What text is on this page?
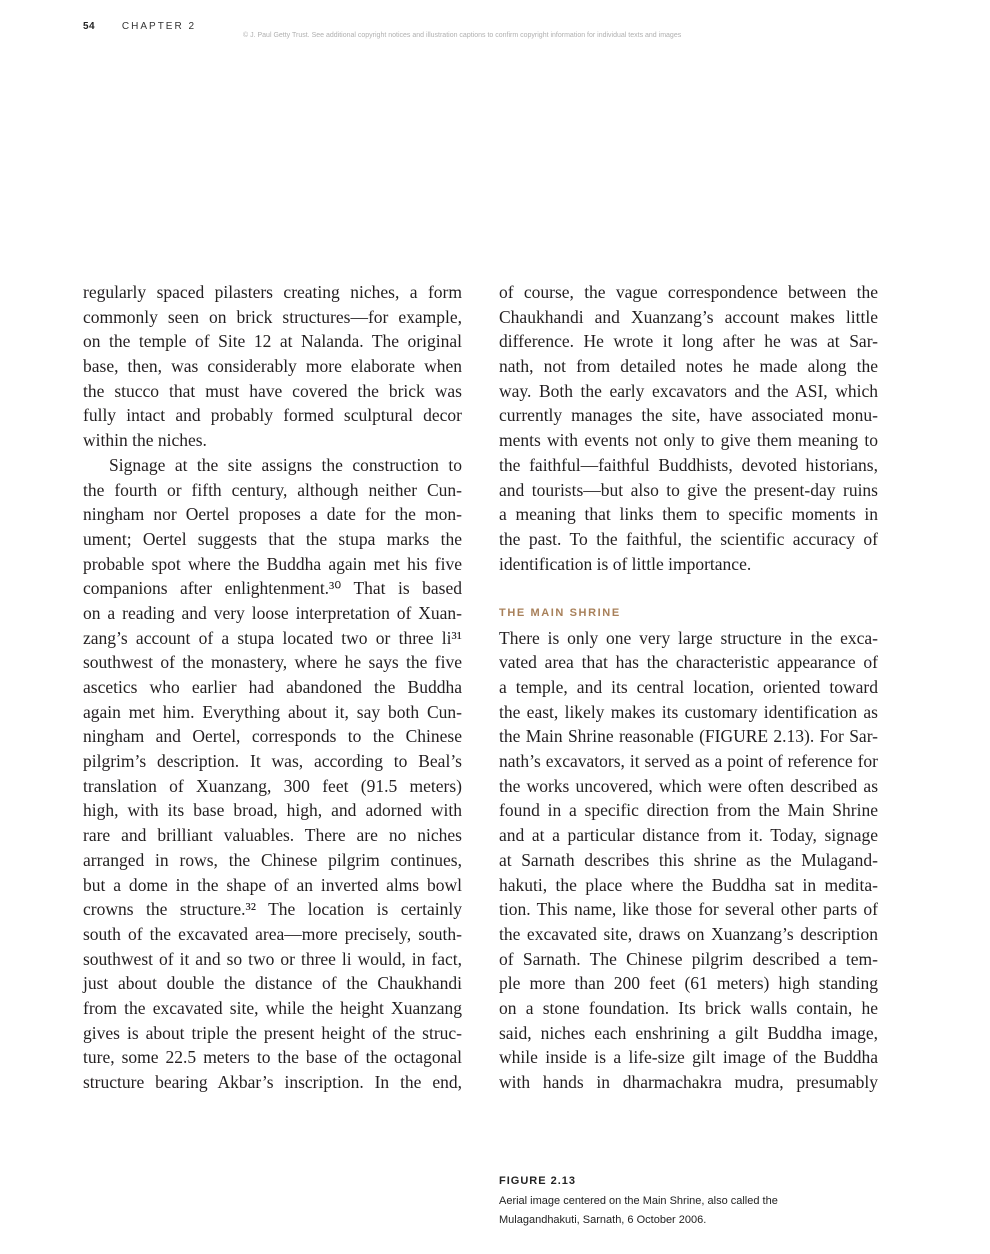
54	CHAPTER 2
© J. Paul Getty Trust. See additional copyright notices and illustration captions to confirm copyright information for individual texts and images
regularly spaced pilasters creating niches, a form
commonly seen on brick structures—for example,
on the temple of Site 12 at Nalanda. The original
base, then, was considerably more elaborate when
the stucco that must have covered the brick was
fully intact and probably formed sculptural decor
within the niches.
Signage at the site assigns the construction to
the fourth or fifth century, although neither Cun-
ningham nor Oertel proposes a date for the mon-
ument; Oertel suggests that the stupa marks the
probable spot where the Buddha again met his five
companions after enlightenment.³⁰ That is based
on a reading and very loose interpretation of Xuan-
zang’s account of a stupa located two or three li³¹
southwest of the monastery, where he says the five
ascetics who earlier had abandoned the Buddha
again met him. Everything about it, say both Cun-
ningham and Oertel, corresponds to the Chinese
pilgrim’s description. It was, according to Beal’s
translation of Xuanzang, 300 feet (91.5 meters)
high, with its base broad, high, and adorned with
rare and brilliant valuables. There are no niches
arranged in rows, the Chinese pilgrim continues,
but a dome in the shape of an inverted alms bowl
crowns the structure.³² The location is certainly
south of the excavated area—more precisely, south-
southwest of it and so two or three li would, in fact,
just about double the distance of the Chaukhandi
from the excavated site, while the height Xuanzang
gives is about triple the present height of the struc-
ture, some 22.5 meters to the base of the octagonal
structure bearing Akbar’s inscription. In the end,
of course, the vague correspondence between the
Chaukhandi and Xuanzang’s account makes little
difference. He wrote it long after he was at Sar-
nath, not from detailed notes he made along the
way. Both the early excavators and the ASI, which
currently manages the site, have associated monu-
ments with events not only to give them meaning to
the faithful—faithful Buddhists, devoted historians,
and tourists—but also to give the present-day ruins
a meaning that links them to specific moments in
the past. To the faithful, the scientific accuracy of
identification is of little importance.
THE MAIN SHRINE
There is only one very large structure in the exca-
vated area that has the characteristic appearance of
a temple, and its central location, oriented toward
the east, likely makes its customary identification as
the Main Shrine reasonable (FIGURE 2.13). For Sar-
nath’s excavators, it served as a point of reference for
the works uncovered, which were often described as
found in a specific direction from the Main Shrine
and at a particular distance from it. Today, signage
at Sarnath describes this shrine as the Mulagand-
hakuti, the place where the Buddha sat in medita-
tion. This name, like those for several other parts of
the excavated site, draws on Xuanzang’s description
of Sarnath. The Chinese pilgrim described a tem-
ple more than 200 feet (61 meters) high standing
on a stone foundation. Its brick walls contain, he
said, niches each enshrining a gilt Buddha image,
while inside is a life-size gilt image of the Buddha
with hands in dharmachakra mudra, presumably
FIGURE 2.13
Aerial image centered on the Main Shrine, also called the
Mulagandhakuti, Sarnath, 6 October 2006.
